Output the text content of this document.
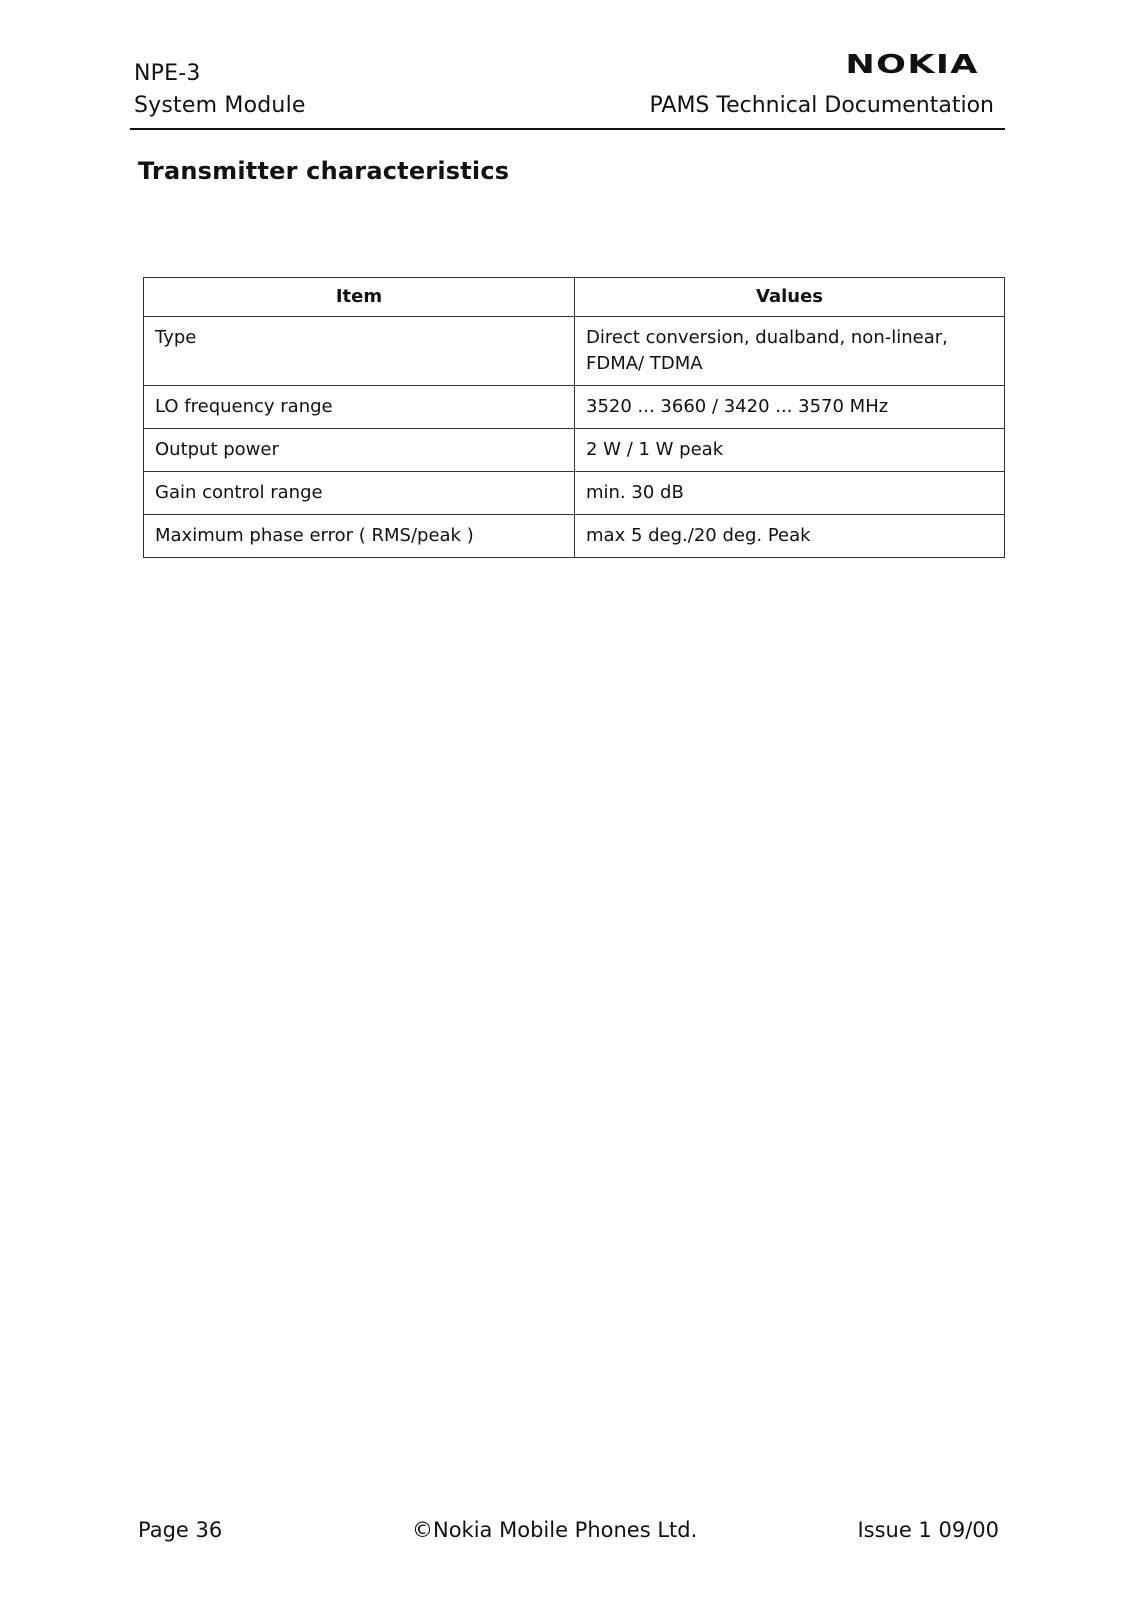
NPE-3
System Module
NOKIA
PAMS Technical Documentation
Transmitter characteristics
Item	Values
Type	Direct conversion, dualband, non-linear, FDMA/ TDMA
LO frequency range	3520 ... 3660 / 3420 ... 3570 MHz
Output power	2 W / 1 W peak
Gain control range	min. 30 dB
Maximum phase error ( RMS/peak )	max 5 deg./20 deg. Peak
Page 36	©Nokia Mobile Phones Ltd.	Issue 1 09/00
